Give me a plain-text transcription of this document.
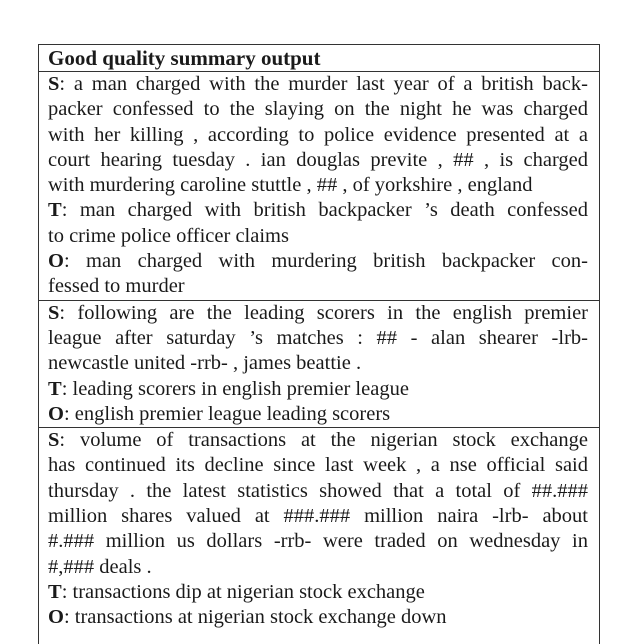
Good quality summary output
S: a man charged with the murder last year of a british back-
packer confessed to the slaying on the night he was charged
with her killing , according to police evidence presented at a
court hearing tuesday . ian douglas previte , ## , is charged
with murdering caroline stuttle , ## , of yorkshire , england
T: man charged with british backpacker ’s death confessed
to crime police officer claims
O: man charged with murdering british backpacker con-
fessed to murder
S: following are the leading scorers in the english premier
league after saturday ’s matches : ## - alan shearer -lrb-
newcastle united -rrb- , james beattie .
T: leading scorers in english premier league
O: english premier league leading scorers
S: volume of transactions at the nigerian stock exchange
has continued its decline since last week , a nse official said
thursday . the latest statistics showed that a total of ##.###
million shares valued at ###.### million naira -lrb- about
#.### million us dollars -rrb- were traded on wednesday in
#,### deals .
T: transactions dip at nigerian stock exchange
O: transactions at nigerian stock exchange down
